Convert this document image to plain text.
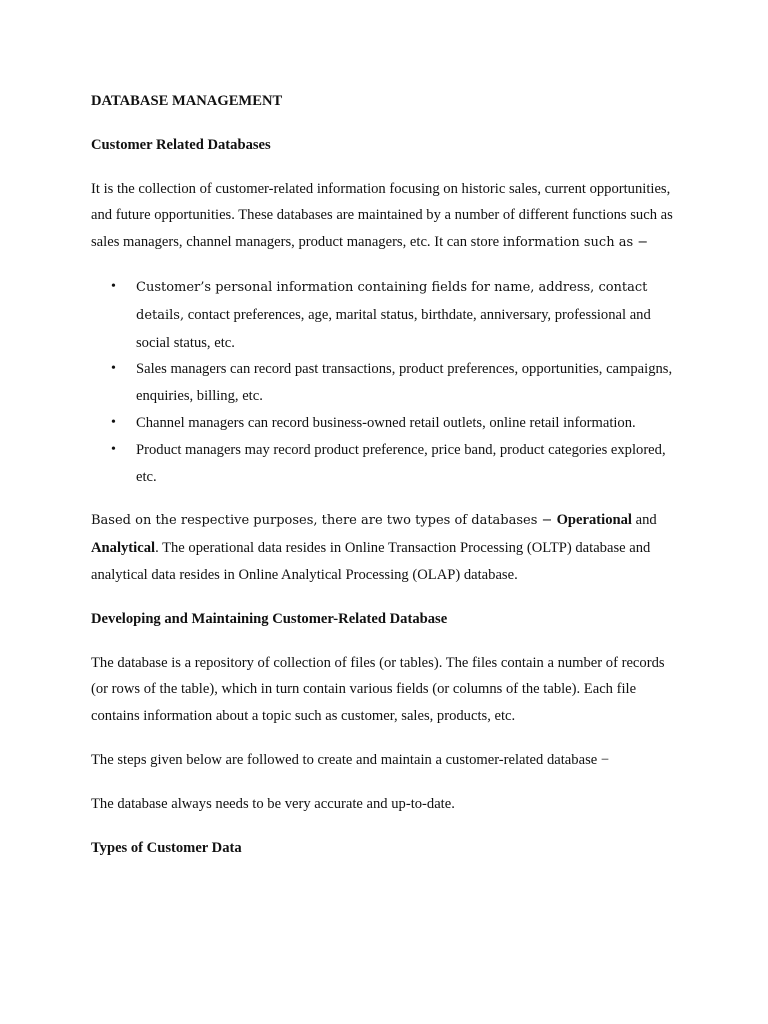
DATABASE MANAGEMENT

Customer Related Databases

It is the collection of customer-related information focusing on historic sales, current opportunities, and future opportunities. These databases are maintained by a number of different functions such as sales managers, channel managers, product managers, etc. It can store information such as −

• Customer’s personal information containing fields for name, address, contact details, contact preferences, age, marital status, birthdate, anniversary, professional and social status, etc.
• Sales managers can record past transactions, product preferences, opportunities, campaigns, enquiries, billing, etc.
• Channel managers can record business-owned retail outlets, online retail information.
• Product managers may record product preference, price band, product categories explored, etc.

Based on the respective purposes, there are two types of databases − Operational and Analytical. The operational data resides in Online Transaction Processing (OLTP) database and analytical data resides in Online Analytical Processing (OLAP) database.

Developing and Maintaining Customer-Related Database

The database is a repository of collection of files (or tables). The files contain a number of records (or rows of the table), which in turn contain various fields (or columns of the table). Each file contains information about a topic such as customer, sales, products, etc.

The steps given below are followed to create and maintain a customer-related database −

The database always needs to be very accurate and up-to-date.

Types of Customer Data
